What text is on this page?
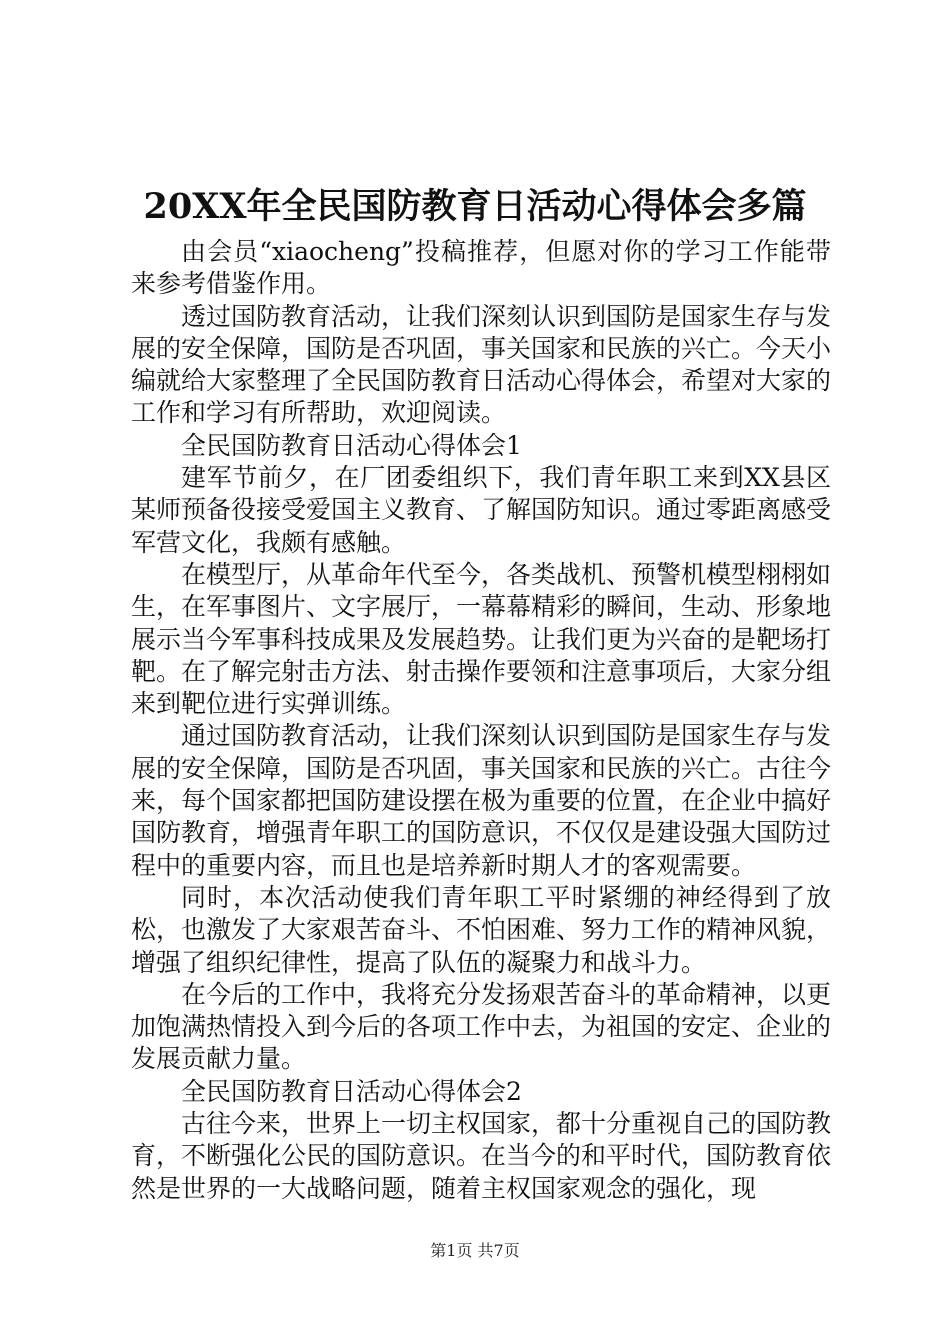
20XX年全民国防教育日活动心得体会多篇

由会员“xiaocheng”投稿推荐，但愿对你的学习工作能带来参考借鉴作用。

透过国防教育活动，让我们深刻认识到国防是国家生存与发展的安全保障，国防是否巩固，事关国家和民族的兴亡。今天小编就给大家整理了全民国防教育日活动心得体会，希望对大家的工作和学习有所帮助，欢迎阅读。

全民国防教育日活动心得体会1

建军节前夕，在厂团委组织下，我们青年职工来到XX县区某师预备役接受爱国主义教育、了解国防知识。通过零距离感受军营文化，我颇有感触。

在模型厅，从革命年代至今，各类战机、预警机模型栩栩如生，在军事图片、文字展厅，一幕幕精彩的瞬间，生动、形象地展示当今军事科技成果及发展趋势。让我们更为兴奋的是靶场打靶。在了解完射击方法、射击操作要领和注意事项后，大家分组来到靶位进行实弹训练。

通过国防教育活动，让我们深刻认识到国防是国家生存与发展的安全保障，国防是否巩固，事关国家和民族的兴亡。古往今来，每个国家都把国防建设摆在极为重要的位置，在企业中搞好国防教育，增强青年职工的国防意识，不仅仅是建设强大国防过程中的重要内容，而且也是培养新时期人才的客观需要。

同时，本次活动使我们青年职工平时紧绷的神经得到了放松，也激发了大家艰苦奋斗、不怕困难、努力工作的精神风貌，增强了组织纪律性，提高了队伍的凝聚力和战斗力。

在今后的工作中，我将充分发扬艰苦奋斗的革命精神，以更加饱满热情投入到今后的各项工作中去，为祖国的安定、企业的发展贡献力量。

全民国防教育日活动心得体会2

古往今来，世界上一切主权国家，都十分重视自己的国防教育，不断强化公民的国防意识。在当今的和平时代，国防教育依然是世界的一大战略问题，随着主权国家观念的强化，现

第1页 共7页
